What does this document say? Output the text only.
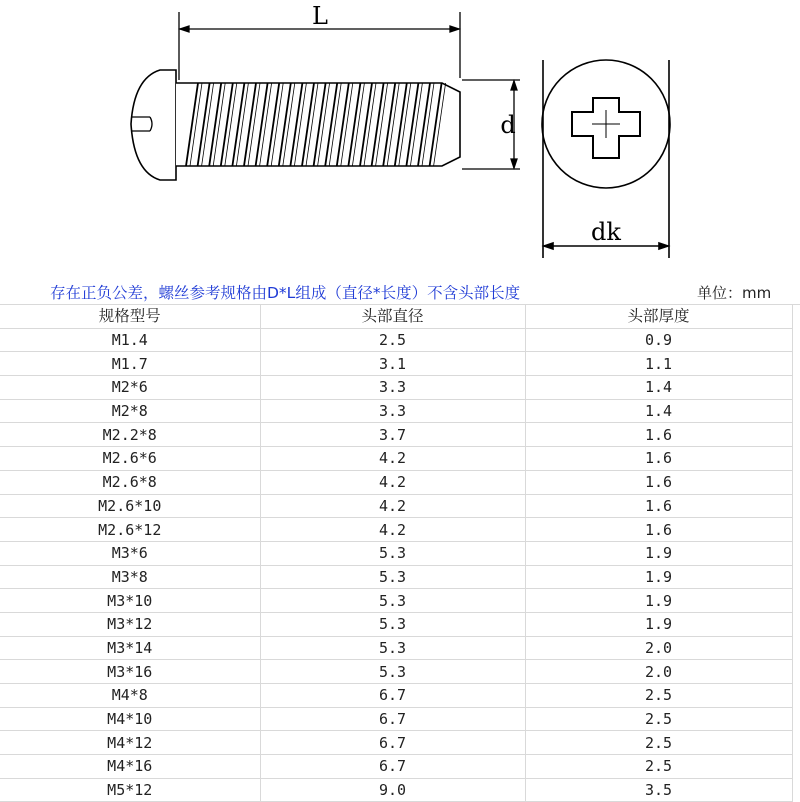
L
d
dk
存在正负公差，螺丝参考规格由D*L组成（直径*长度）不含头部长度	单位：mm
规格型号	头部直径	头部厚度
M1.4	2.5	0.9
M1.7	3.1	1.1
M2*6	3.3	1.4
M2*8	3.3	1.4
M2.2*8	3.7	1.6
M2.6*6	4.2	1.6
M2.6*8	4.2	1.6
M2.6*10	4.2	1.6
M2.6*12	4.2	1.6
M3*6	5.3	1.9
M3*8	5.3	1.9
M3*10	5.3	1.9
M3*12	5.3	1.9
M3*14	5.3	2.0
M3*16	5.3	2.0
M4*8	6.7	2.5
M4*10	6.7	2.5
M4*12	6.7	2.5
M4*16	6.7	2.5
M5*12	9.0	3.5
